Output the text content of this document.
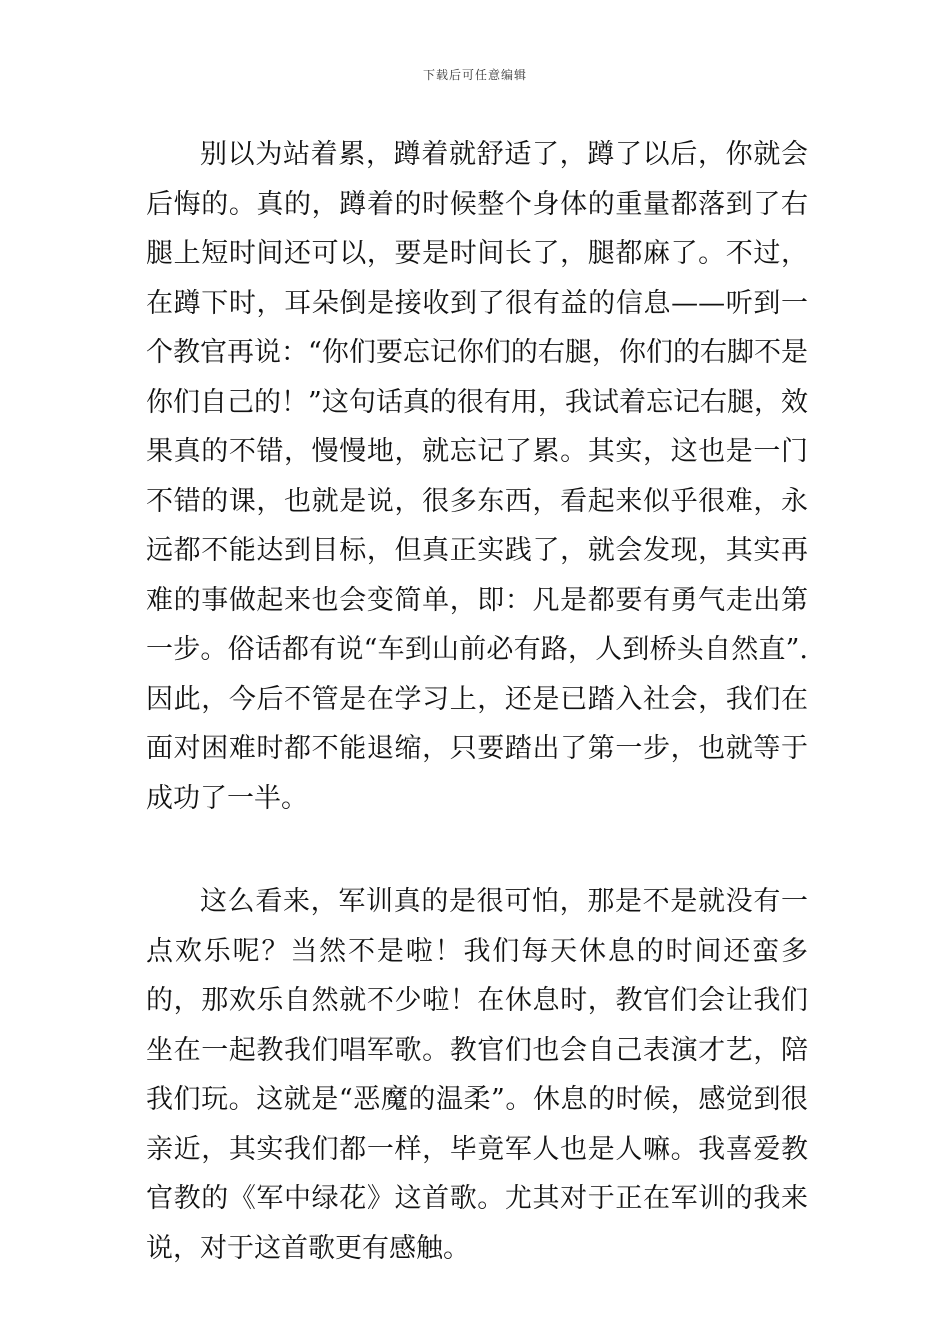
下载后可任意编辑

别以为站着累，蹲着就舒适了，蹲了以后，你就会后悔的。真的，蹲着的时候整个身体的重量都落到了右腿上短时间还可以，要是时间长了，腿都麻了。不过，在蹲下时，耳朵倒是接收到了很有益的信息——听到一个教官再说：“你们要忘记你们的右腿，你们的右脚不是你们自己的！”这句话真的很有用，我试着忘记右腿，效果真的不错，慢慢地，就忘记了累。其实，这也是一门不错的课，也就是说，很多东西，看起来似乎很难，永远都不能达到目标，但真正实践了，就会发现，其实再难的事做起来也会变简单，即：凡是都要有勇气走出第一步。俗话都有说“车到山前必有路，人到桥头自然直”.因此，今后不管是在学习上，还是已踏入社会，我们在面对困难时都不能退缩，只要踏出了第一步，也就等于成功了一半。

这么看来，军训真的是很可怕，那是不是就没有一点欢乐呢？当然不是啦！我们每天休息的时间还蛮多的，那欢乐自然就不少啦！在休息时，教官们会让我们坐在一起教我们唱军歌。教官们也会自己表演才艺，陪我们玩。这就是“恶魔的温柔”。休息的时候，感觉到很亲近，其实我们都一样，毕竟军人也是人嘛。我喜爱教官教的《军中绿花》这首歌。尤其对于正在军训的我来说，对于这首歌更有感触。
